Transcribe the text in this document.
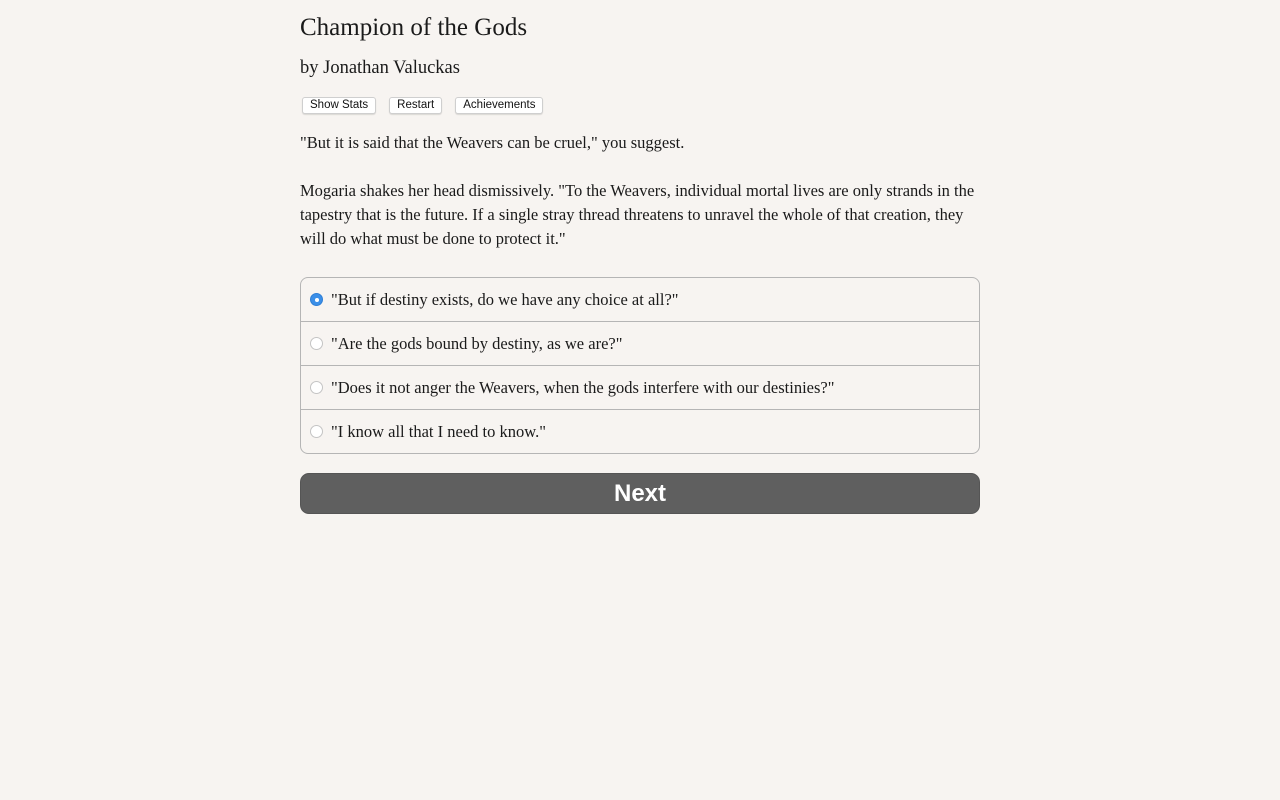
Champion of the Gods
by Jonathan Valuckas
Show Stats	Restart	Achievements

"But it is said that the Weavers can be cruel," you suggest.

Mogaria shakes her head dismissively. "To the Weavers, individual mortal lives are only strands in the tapestry that is the future. If a single stray thread threatens to unravel the whole of that creation, they will do what must be done to protect it."

"But if destiny exists, do we have any choice at all?"
"Are the gods bound by destiny, as we are?"
"Does it not anger the Weavers, when the gods interfere with our destinies?"
"I know all that I need to know."
Next
